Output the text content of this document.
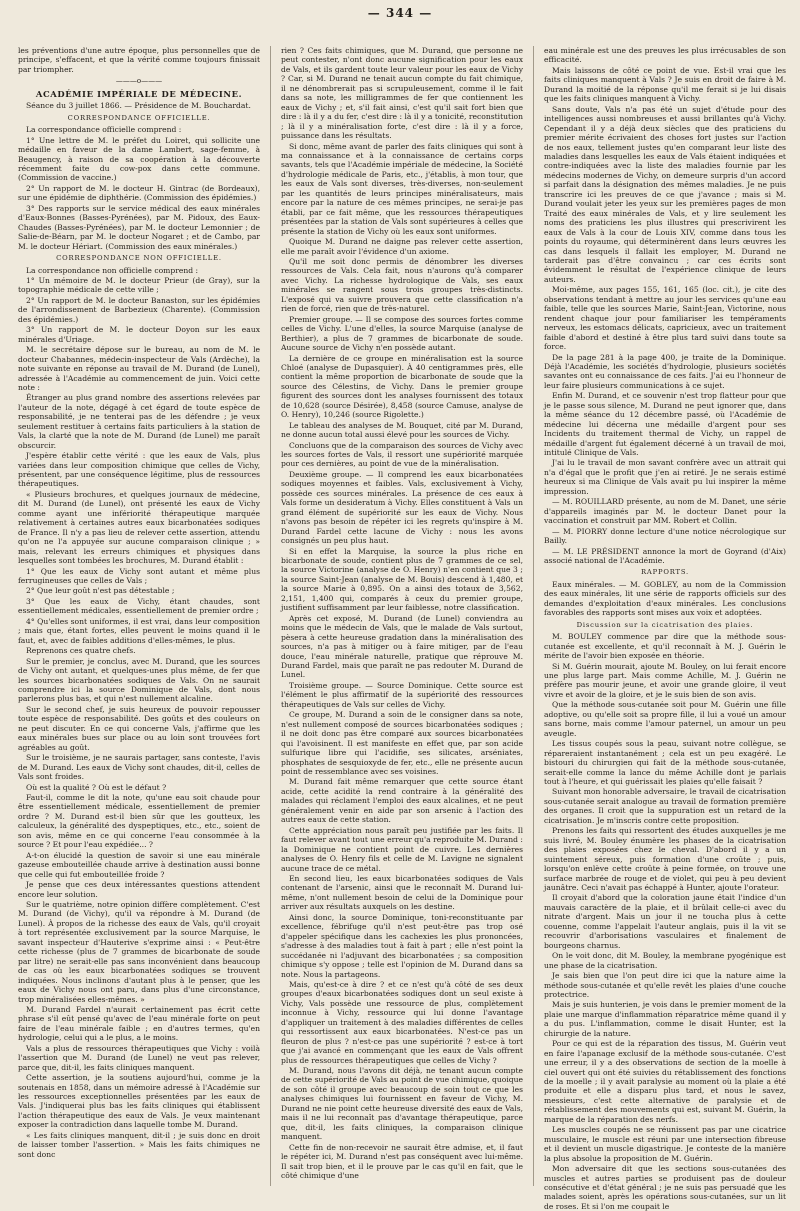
— 344 —

les préventions d'une autre époque, plus personnelles que de principe, s'effacent, et que la vérité comme toujours finissait par triompher.

———o———
ACADÉMIE IMPÉRIALE DE MÉDECINE.
Séance du 3 juillet 1866. — Présidence de M. Bouchardat.
CORRESPONDANCE OFFICIELLE.

La correspondance officielle comprend :

1° Une lettre de M. le préfet du Loiret, qui sollicite une médaille en faveur de la dame Lambert, sage-femme, à Beaugency, à raison de sa coopération à la découverte récemment faite du cow-pox dans cette commune. (Commission de vaccine.)

2° Un rapport de M. le docteur H. Gintrac (de Bordeaux), sur une épidémie de diphthérie. (Commission des épidémies.)

3° Des rapports sur le service médical des eaux minérales d'Eaux-Bonnes (Basses-Pyrénées), par M. Pidoux, des Eaux-Chaudes (Basses-Pyrénées), par M. le docteur Lemonnier ; de Salie-de-Béarn, par M. le docteur Nogaret ; et de Cambo, par M. le docteur Hériart. (Commission des eaux minérales.)

CORRESPONDANCE NON OFFICIELLE.

La correspondance non officielle comprend :

1° Un mémoire de M. le docteur Prieur (de Gray), sur la topographie médicale de cette ville ;

2° Un rapport de M. le docteur Banaston, sur les épidémies de l'arrondissement de Barbezieux (Charente). (Commission des épidémies.)

3° Un rapport de M. le docteur Doyon sur les eaux minérales d'Uriage.

M. le secrétaire dépose sur le bureau, au nom de M. le docteur Chabannes, médecin-inspecteur de Vals (Ardèche), la note suivante en réponse au travail de M. Durand (de Lunel), adressée à l'Académie au commencement de juin. Voici cette note :

Étranger au plus grand nombre des assertions relevées par l'auteur de la note, dégagé à cet égard de toute espèce de responsabilité, je ne tenterai pas de les défendre ; je veux seulement restituer à certains faits particuliers à la station de Vals, la clarté que la note de M. Durand (de Lunel) me paraît obscurcir.

J'espère établir cette vérité : que les eaux de Vals, plus variées dans leur composition chimique que celles de Vichy, présentent, par une conséquence légitime, plus de ressources thérapeutiques.

« Plusieurs brochures, et quelques journaux de médecine, dit M. Durand (de Lunel), ont présenté les eaux de Vichy comme ayant une infériorité thérapeutique marquée relativement à certaines autres eaux bicarbonatées sodiques de France. Il n'y a pas lieu de relever cette assertion, attendu qu'on ne l'a appuyée sur aucune comparaison clinique ; » mais, relevant les erreurs chimiques et physiques dans lesquelles sont tombées les brochures, M. Durand établit :

1° Que les eaux de Vichy sont autant et même plus ferrugineuses que celles de Vals ;

2° Que leur goût n'est pas détestable ;

3° Que les eaux de Vichy, étant chaudes, sont essentiellement médicales, essentiellement de premier ordre ;

4° Qu'elles sont uniformes, il est vrai, dans leur composition ; mais que, étant fortes, elles peuvent le moins quand il le faut, et, avec de faibles additions d'elles-mêmes, le plus.

Reprenons ces quatre chefs.

Sur le premier, je conclus, avec M. Durand, que les sources de Vichy ont autant, et quelques-unes plus même, de fer que les sources bicarbonatées sodiques de Vals. On ne saurait comprendre ici la source Dominique de Vals, dont nous parlerons plus bas, et qui n'est nullement alcaline.

Sur le second chef, je suis heureux de pouvoir repousser toute espèce de responsabilité. Des goûts et des couleurs on ne peut discuter. En ce qui concerne Vals, j'affirme que les eaux minérales bues sur place ou au loin sont trouvées fort agréables au goût.

Sur le troisième, je ne saurais partager, sans conteste, l'avis de M. Durand. Les eaux de Vichy sont chaudes, dit-il, celles de Vals sont froides.

Où est la qualité ? Où est le défaut ?

Faut-il, comme le dit la note, qu'une eau soit chaude pour être essentiellement médicale, essentiellement de premier ordre ? M. Durand est-il bien sûr que les goutteux, les calculeux, la généralité des dyspeptiques, etc., etc., soient de son avis, même en ce qui concerne l'eau consommée à la source ? Et pour l'eau expédiée... ?

A-t-on élucidé la question de savoir si une eau minérale gazeuse embouteillée chaude arrive à destination aussi bonne que celle qui fut embouteillée froide ?

Je pense que ces deux intéressantes questions attendent encore leur solution.

Sur le quatrième, notre opinion diffère complètement. C'est M. Durand (de Vichy), qu'il va répondre à M. Durand (de Lunel). À propos de la richesse des eaux de Vals, qu'il croyait à tort représentée exclusivement par la source Marquise, le savant inspecteur d'Hauterive s'exprime ainsi : « Peut-être cette richesse (plus de 7 grammes de bicarbonate de soude par litre) ne serait-elle pas sans inconvénient dans beaucoup de cas où les eaux bicarbonatées sodiques se trouvent indiquées. Nous inclinons d'autant plus à le penser, que les eaux de Vichy nous ont paru, dans plus d'une circonstance, trop minéralisées elles-mêmes. »

M. Durand Fardel n'aurait certainement pas écrit cette phrase s'il eût pensé qu'avec de l'eau minérale forte on peut faire de l'eau minérale faible ; en d'autres termes, qu'en hydrologie, celui qui a le plus, a le moins.

Vals a plus de ressources thérapeutiques que Vichy : voilà l'assertion que M. Durand (de Lunel) ne veut pas relever, parce que, dit-il, les faits cliniques manquent.

Cette assertion, je la soutiens aujourd'hui, comme je la soutenais en 1858, dans un mémoire adressé à l'Académie sur les ressources exceptionnelles présentées par les eaux de Vals. J'indiquerai plus bas les faits cliniques qui établissent l'action thérapeutique des eaux de Vals. Je veux maintenant exposer la contradiction dans laquelle tombe M. Durand.

« Les faits cliniques manquent, dit-il ; je suis donc en droit de laisser tomber l'assertion. » Mais les faits chimiques ne sont donc

rien ? Ces faits chimiques, que M. Durand, que personne ne peut contester, n'ont donc aucune signification pour les eaux de Vals, et ils gardent toute leur valeur pour les eaux de Vichy ? Car, si M. Durand ne tenait aucun compte du fait chimique, il ne dénombrerait pas si scrupuleusement, comme il le fait dans sa note, les milligrammes de fer que contiennent les eaux de Vichy ; et, s'il fait ainsi, c'est qu'il sait fort bien que dire : là il y a du fer, c'est dire : là il y a tonicité, reconstitution ; là il y a minéralisation forte, c'est dire : là il y a force, puissance dans les résultats.

Si donc, même avant de parler des faits cliniques qui sont à ma connaissance et à la connaissance de certains corps savants, tels que l'Académie impériale de médecine, la Société d'hydrologie médicale de Paris, etc., j'établis, à mon tour, que les eaux de Vals sont diverses, très-diverses, non-seulement par les quantités de leurs principes minéralisateurs, mais encore par la nature de ces mêmes principes, ne serai-je pas établi, par ce fait même, que les ressources thérapeutiques présentées par la station de Vals sont supérieures à celles que présente la station de Vichy où les eaux sont uniformes.

Quoique M. Durand ne daigne pas relever cette assertion, elle me paraît avoir l'évidence d'un axiome.

Qu'il me soit donc permis de dénombrer les diverses ressources de Vals. Cela fait, nous n'aurons qu'à comparer avec Vichy. La richesse hydrologique de Vals, ses eaux minérales se rangent sous trois groupes très-distincts. L'exposé qui va suivre prouvera que cette classification n'a rien de forcé, rien que de très-naturel.

Premier groupe. — Il se compose des sources fortes comme celles de Vichy. L'une d'elles, la source Marquise (analyse de Berthier), a plus de 7 grammes de bicarbonate de soude. Aucune source de Vichy n'en possède autant.

La dernière de ce groupe en minéralisation est la source Chloé (analyse de Dupasquier). À 40 centigrammes près, elle contient la même proportion de bicarbonate de soude que la source des Célestins, de Vichy. Dans le premier groupe figurent des sources dont les analyses fournissent des totaux de 10,628 (source Désirée), 8,458 (source Camuse, analyse de O. Henry), 10,246 (source Rigolette.)

Le tableau des analyses de M. Bouquet, cité par M. Durand, ne donne aucun total aussi élevé pour les sources de Vichy.

Concluons que de la comparaison des sources de Vichy avec les sources fortes de Vals, il ressort une supériorité marquée pour ces dernières, au point de vue de la minéralisation.

Deuxième groupe. — Il comprend les eaux bicarbonatées sodiques moyennes et faibles. Vals, exclusivement à Vichy, possède ces sources minérales. La présence de ces eaux à Vals forme un desideratum à Vichy. Elles constituent à Vals un grand élément de supériorité sur les eaux de Vichy. Nous n'avons pas besoin de répéter ici les regrets qu'inspire à M. Durand Fardel cette lacune de Vichy : nous les avons consignés un peu plus haut.

Si en effet la Marquise, la source la plus riche en bicarbonate de soude, contient plus de 7 grammes de ce sel, la source Victorine (analyse de O. Henry) n'en contient que 3 ; la source Saint-Jean (analyse de M. Bouis) descend à 1,480, et la source Marie à 0,895. On a ainsi des totaux de 3,562, 2,151, 1,400 qui, comparés à ceux du premier groupe, justifient suffisamment par leur faiblesse, notre classification.

Après cet exposé, M. Durand (de Lunel) conviendra au moins que le médecin de Vals, que le malade de Vals surtout, pèsera à cette heureuse gradation dans la minéralisation des sources, n'a pas à mitiger ou à faire mitiger, par de l'eau douce, l'eau minérale naturelle, pratique que réprouve M. Durand Fardel, mais que paraît ne pas redouter M. Durand de Lunel.

Troisième groupe. — Source Dominique. Cette source est l'élément le plus affirmatif de la supériorité des ressources thérapeutiques de Vals sur celles de Vichy.

Ce groupe, M. Durand a soin de le consigner dans sa note, n'est nullement composé de sources bicarbonatées sodiques ; il ne doit donc pas être comparé aux sources bicarbonatées qui l'avoisinent. Il est manifeste en effet que, par son acide sulfurique libre qui l'acidifie, ses silicates, arséniates, phosphates de sesquioxyde de fer, etc., elle ne présente aucun point de ressemblance avec ses voisines.

M. Durand fait même remarquer que cette source étant acide, cette acidité la rend contraire à la généralité des malades qui réclament l'emploi des eaux alcalines, et ne peut généralement venir en aide par son arsenic à l'action des autres eaux de cette station.

Cette appréciation nous paraît peu justifiée par les faits. Il faut relever avant tout une erreur qu'a reproduite M. Durand : la Dominique ne contient point de cuivre. Les dernières analyses de O. Henry fils et celle de M. Lavigne ne signalent aucune trace de ce métal.

En second lieu, les eaux bicarbonatées sodiques de Vals contenant de l'arsenic, ainsi que le reconnaît M. Durand lui-même, n'ont nullement besoin de celui de la Dominique pour arriver aux résultats auxquels on les destine.

Ainsi donc, la source Dominique, toni-reconstituante par excellence, fébrifuge qu'il n'est peut-être pas trop osé d'appeler spécifique dans les cachexies les plus prononcées, s'adresse à des maladies tout à fait à part ; elle n'est point la succédanée ni l'adjuvant des bicarbonatées ; sa composition chimique s'y oppose ; telle est l'opinion de M. Durand dans sa note. Nous la partageons.

Mais, qu'est-ce à dire ? et ce n'est qu'à côté de ses deux groupes d'eaux bicarbonatées sodiques dont un seul existe à Vichy, Vals possède une ressource de plus, complètement inconnue à Vichy, ressource qui lui donne l'avantage d'appliquer un traitement à des maladies différentes de celles qui ressortissent aux eaux bicarbonatées. N'est-ce pas un fleuron de plus ? n'est-ce pas une supériorité ? est-ce à tort que j'ai avancé en commençant que les eaux de Vals offrent plus de ressources thérapeutiques que celles de Vichy ?

M. Durand, nous l'avons dit déjà, ne tenant aucun compte de cette supériorité de Vals au point de vue chimique, quoique de son côté il groupe avec beaucoup de soin tout ce que les analyses chimiques lui fournissent en faveur de Vichy, M. Durand ne nie point cette heureuse diversité des eaux de Vals, mais il ne lui reconnaît pas d'avantage thérapeutique, parce que, dit-il, les faits cliniques, la comparaison clinique manquent.

Cette fin de non-recevoir ne saurait être admise, et, il faut le répéter ici, M. Durand n'est pas conséquent avec lui-même. Il sait trop bien, et il le prouve par le cas qu'il en fait, que le côté chimique d'une

eau minérale est une des preuves les plus irrécusables de son efficacité.

Mais laissons de côté ce point de vue. Est-il vrai que les faits cliniques manquent à Vals ? Je suis en droit de faire à M. Durand la moitié de la réponse qu'il me ferait si je lui disais que les faits cliniques manquent à Vichy.

Sans doute, Vals n'a pas été un sujet d'étude pour des intelligences aussi nombreuses et aussi brillantes qu'à Vichy. Cependant il y a déjà deux siècles que des praticiens du premier mérite écrivaient des choses fort justes sur l'action de nos eaux, tellement justes qu'en comparant leur liste des maladies dans lesquelles les eaux de Vals étaient indiquées et contre-indiquées avec la liste des maladies fournie par les médecins modernes de Vichy, on demeure surpris d'un accord si parfait dans la désignation des mêmes maladies. Je ne puis transcrire ici les preuves de ce que j'avance ; mais si M. Durand voulait jeter les yeux sur les premières pages de mon Traité des eaux minérales de Vals, et y lire seulement les noms des praticiens les plus illustres qui prescrivirent les eaux de Vals à la cour de Louis XIV, comme dans tous les points du royaume, qui déterminèrent dans leurs œuvres les cas dans lesquels il fallait les employer, M. Durand ne tarderait pas d'être convaincu ; car ces écrits sont évidemment le résultat de l'expérience clinique de leurs auteurs.

Moi-même, aux pages 155, 161, 165 (loc. cit.), je cite des observations tendant à mettre au jour les services qu'une eau faible, telle que les sources Marie, Saint-Jean, Victorine, nous rendent chaque jour pour familiariser les tempéraments nerveux, les estomacs délicats, capricieux, avec un traitement faible d'abord et destiné à être plus tard suivi dans toute sa force.

De la page 281 à la page 400, je traite de la Dominique. Déjà l'Académie, les sociétés d'hydrologie, plusieurs sociétés savantes ont eu connaissance de ces faits. J'ai eu l'honneur de leur faire plusieurs communications à ce sujet.

Enfin M. Durand, et ce souvenir n'est trop flatteur pour que je le passe sous silence, M. Durand ne peut ignorer que, dans la même séance du 12 décembre passé, où l'Académie de médecine lui décerna une médaille d'argent pour ses Incidents du traitement thermal de Vichy, un rappel de médaille d'argent fut également décerné à un travail de moi, intitulé Clinique de Vals.

J'ai lu le travail de mon savant confrère avec un attrait qui n'a d'égal que le profit que j'en ai retiré. Je ne serais estimé heureux si ma Clinique de Vals avait pu lui inspirer la même impression.

— M. ROUILLARD présente, au nom de M. Danet, une série d'appareils imaginés par M. le docteur Danet pour la vaccination et construit par MM. Robert et Collin.

— M. PIORRY donne lecture d'une notice nécrologique sur Bailly.

— M. LE PRÉSIDENT annonce la mort de Goyrand (d'Aix) associé national de l'Académie.

RAPPORTS.

Eaux minérales. — M. GOBLEY, au nom de la Commission des eaux minérales, lit une série de rapports officiels sur des demandes d'exploitation d'eaux minérales. Les conclusions favorables des rapports sont mises aux voix et adoptées.

Discussion sur la cicatrisation des plaies.

M. BOULEY commence par dire que la méthode sous-cutanée est excellente, et qu'il reconnaît à M. J. Guérin le mérite de l'avoir bien exposée en théorie.

Si M. Guérin mourait, ajoute M. Bouley, on lui ferait encore une plus large part. Mais comme Achille, M. J. Guérin ne préfère pas mourir jeune, et avoir une grande gloire, il veut vivre et avoir de la gloire, et je le suis bien de son avis.

Que la méthode sous-cutanée soit pour M. Guérin une fille adoptive, ou qu'elle soit sa propre fille, il lui a voué un amour sans borne, mais comme l'amour paternel, un amour un peu aveugle.

Les tissus coupés sous la peau, suivant notre collègue, se répareraient instantanément ; cela est un peu exagéré. Le bistouri du chirurgien qui fait de la méthode sous-cutanée, serait-elle comme la lance du même Achille dont je parlais tout à l'heure, et qui guérissait les plaies qu'elle faisait ?

Suivant mon honorable adversaire, le travail de cicatrisation sous-cutanée serait analogue au travail de formation première des organes. Il croit que la suppuration est un retard de la cicatrisation. Je m'inscris contre cette proposition.

Prenons les faits qui ressortent des études auxquelles je me suis livré, M. Bouley énumère les phases de la cicatrisation des plaies exposées chez le cheval. D'abord il y a un suintement séreux, puis formation d'une croûte ; puis, lorsqu'on enlève cette croûte à peine formée, on trouve une surface marbrée de rouge et de violet, qui peu à peu devient jaunâtre. Ceci n'avait pas échappé à Hunter, ajoute l'orateur.

Il croyait d'abord que la coloration jaune était l'indice d'un mauvais caractère de la plaie, et il brûlait celle-ci avec du nitrate d'argent. Mais un jour il ne toucha plus à cette couenne, comme l'appelait l'auteur anglais, puis il la vit se recouvrir d'arborisations vasculaires et finalement de bourgeons charnus.

On le voit donc, dit M. Bouley, la membrane pyogénique est une phase de la cicatrisation.

Je sais bien que l'on peut dire ici que la nature aime la méthode sous-cutanée et qu'elle revêt les plaies d'une couche protectrice.

Mais je suis hunterien, je vois dans le premier moment de la plaie une marque d'inflammation réparatrice même quand il y a du pus. L'inflammation, comme le disait Hunter, est la chirurgie de la nature.

Pour ce qui est de la réparation des tissus, M. Guérin veut en faire l'apanage exclusif de la méthode sous-cutanée. C'est une erreur, il y a des observations de section de la moelle à ciel ouvert qui ont été suivies du rétablissement des fonctions de la moelle ; il y avait paralysie au moment où la plaie a été produite et elle a disparu plus tard, et nous le savez, messieurs, c'est cette alternative de paralysie et de rétablissement des mouvements qui est, suivant M. Guérin, la marque de la réparation des nerfs.

Les muscles coupés ne se réunissent pas par une cicatrice musculaire, le muscle est réuni par une intersection fibreuse et il devient un muscle digastrique. Je conteste de la manière la plus absolue la proposition de M. Guérin.

Mon adversaire dit que les sections sous-cutanées des muscles et autres parties se produisent pas de douleur consécutive et d'état général ; je ne suis pas persuadé que les malades soient, après les opérations sous-cutanées, sur un lit de roses. Et si l'on me coupait le
